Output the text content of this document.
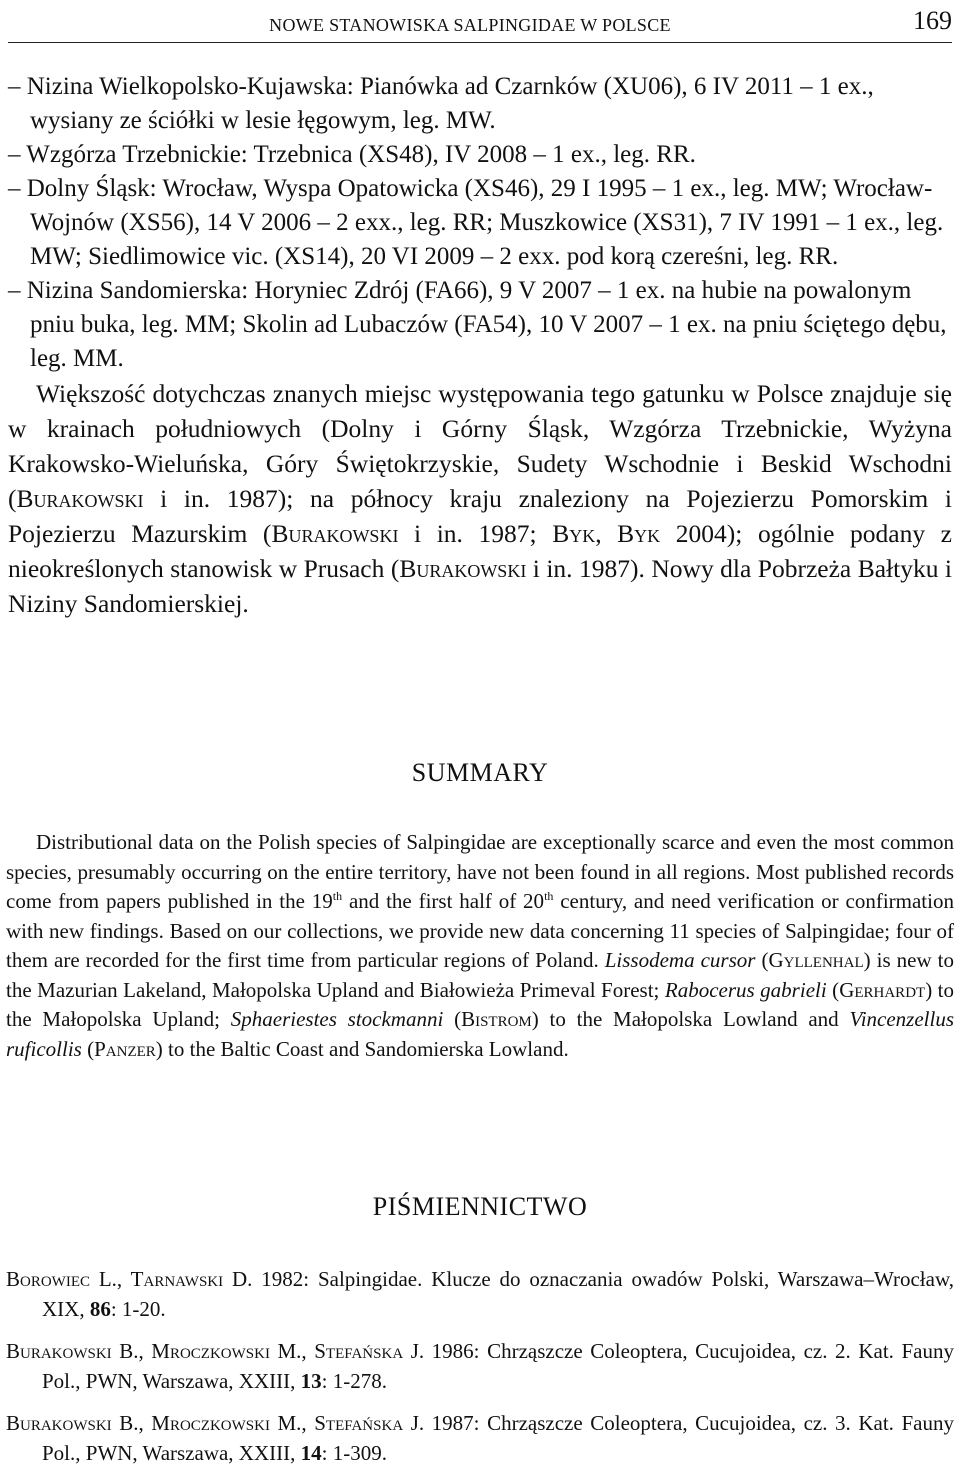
NOWE STANOWISKA SALPINGIDAE W POLSCE	169

– Nizina Wielkopolsko-Kujawska: Pianówka ad Czarnków (XU06), 6 IV 2011 – 1 ex., wysiany ze ściółki w lesie łęgowym, leg. MW.

– Wzgórza Trzebnickie: Trzebnica (XS48), IV 2008 – 1 ex., leg. RR.

– Dolny Śląsk: Wrocław, Wyspa Opatowicka (XS46), 29 I 1995 – 1 ex., leg. MW; Wrocław-Wojnów (XS56), 14 V 2006 – 2 exx., leg. RR; Muszkowice (XS31), 7 IV 1991 – 1 ex., leg. MW; Siedlimowice vic. (XS14), 20 VI 2009 – 2 exx. pod korą czereśni, leg. RR.

– Nizina Sandomierska: Horyniec Zdrój (FA66), 9 V 2007 – 1 ex. na hubie na powalonym pniu buka, leg. MM; Skolin ad Lubaczów (FA54), 10 V 2007 – 1 ex. na pniu ściętego dębu, leg. MM.

Większość dotychczas znanych miejsc występowania tego gatunku w Polsce znajduje się w krainach południowych (Dolny i Górny Śląsk, Wzgórza Trzebnickie, Wyżyna Krakowsko-Wieluńska, Góry Świętokrzyskie, Sudety Wschodnie i Beskid Wschodni (Burakowski i in. 1987); na północy kraju znaleziony na Pojezierzu Pomorskim i Pojezierzu Mazurskim (Burakowski i in. 1987; Byk, Byk 2004); ogólnie podany z nieokreślonych stanowisk w Prusach (Burakowski i in. 1987). Nowy dla Pobrzeża Bałtyku i Niziny Sandomierskiej.

SUMMARY

Distributional data on the Polish species of Salpingidae are exceptionally scarce and even the most common species, presumably occurring on the entire territory, have not been found in all regions. Most published records come from papers published in the 19th and the first half of 20th century, and need verification or confirmation with new findings. Based on our collections, we provide new data concerning 11 species of Salpingidae; four of them are recorded for the first time from particular regions of Poland. Lissodema cursor (Gyllenhal) is new to the Mazurian Lakeland, Małopolska Upland and Białowieża Primeval Forest; Rabocerus gabrieli (Gerhardt) to the Małopolska Upland; Sphaeriestes stockmanni (Bistrom) to the Małopolska Lowland and Vincenzellus ruficollis (Panzer) to the Baltic Coast and Sandomierska Lowland.

PIŚMIENNICTWO

Borowiec L., Tarnawski D. 1982: Salpingidae. Klucze do oznaczania owadów Polski, Warszawa–Wrocław, XIX, 86: 1-20.

Burakowski B., Mroczkowski M., Stefańska J. 1986: Chrząszcze Coleoptera, Cucujoidea, cz. 2. Kat. Fauny Pol., PWN, Warszawa, XXIII, 13: 1-278.

Burakowski B., Mroczkowski M., Stefańska J. 1987: Chrząszcze Coleoptera, Cucujoidea, cz. 3. Kat. Fauny Pol., PWN, Warszawa, XXIII, 14: 1-309.
